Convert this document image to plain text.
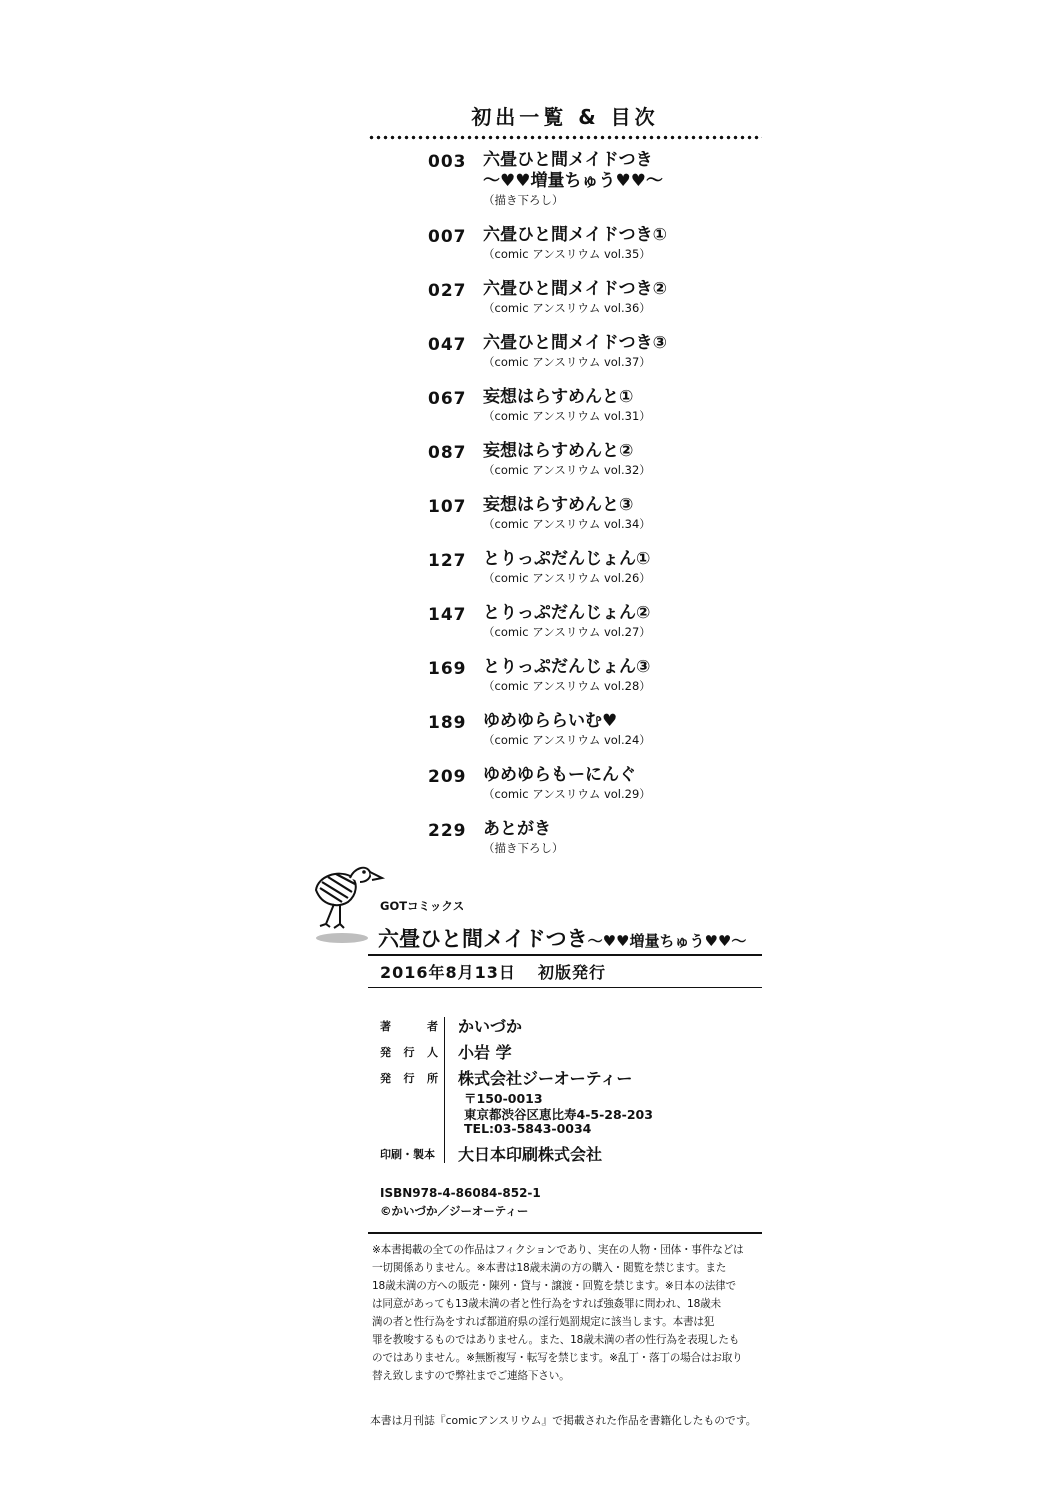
初出一覧 & 目次
003 六畳ひと間メイドつき
～♥♥増量ちゅう♥♥～
（描き下ろし）
007 六畳ひと間メイドつき①
（comic アンスリウム vol.35）
027 六畳ひと間メイドつき②
（comic アンスリウム vol.36）
047 六畳ひと間メイドつき③
（comic アンスリウム vol.37）
067 妄想はらすめんと①
（comic アンスリウム vol.31）
087 妄想はらすめんと②
（comic アンスリウム vol.32）
107 妄想はらすめんと③
（comic アンスリウム vol.34）
127 とりっぷだんじょん①
（comic アンスリウム vol.26）
147 とりっぷだんじょん②
（comic アンスリウム vol.27）
169 とりっぷだんじょん③
（comic アンスリウム vol.28）
189 ゆめゆららいむ♥
（comic アンスリウム vol.24）
209 ゆめゆらもーにんぐ
（comic アンスリウム vol.29）
229 あとがき
（描き下ろし）
GOTコミックス
六畳ひと間メイドつき～♥♥増量ちゅう♥♥～
2016年8月13日 初版発行
著	者 かいづか
発 行 人 小岩 学
発 行 所 株式会社ジーオーティー
印刷・製本 大日本印刷株式会社
〒150-0013
東京都渋谷区恵比寿4-5-28-203
TEL:03-5843-0034
ISBN978-4-86084-852-1
©かいづか／ジーオーティー
※本書掲載の全ての作品はフィクションであり、実在の人物・団体・事件などは
一切関係ありません。※本書は18歳未満の方の購入・閲覧を禁じます。また
18歳未満の方への販売・陳列・貸与・譲渡・回覧を禁じます。※日本の法律で
は同意があっても13歳未満の者と性行為をすれば強姦罪に問われ、18歳未
満の者と性行為をすれば都道府県の淫行処罰規定に該当します。本書は犯
罪を教唆するものではありません。また、18歳未満の者の性行為を表現したも
のではありません。※無断複写・転写を禁じます。※乱丁・落丁の場合はお取り
替え致しますので弊社までご連絡下さい。
本書は月刊誌『comicアンスリウム』で掲載された作品を書籍化したものです。
